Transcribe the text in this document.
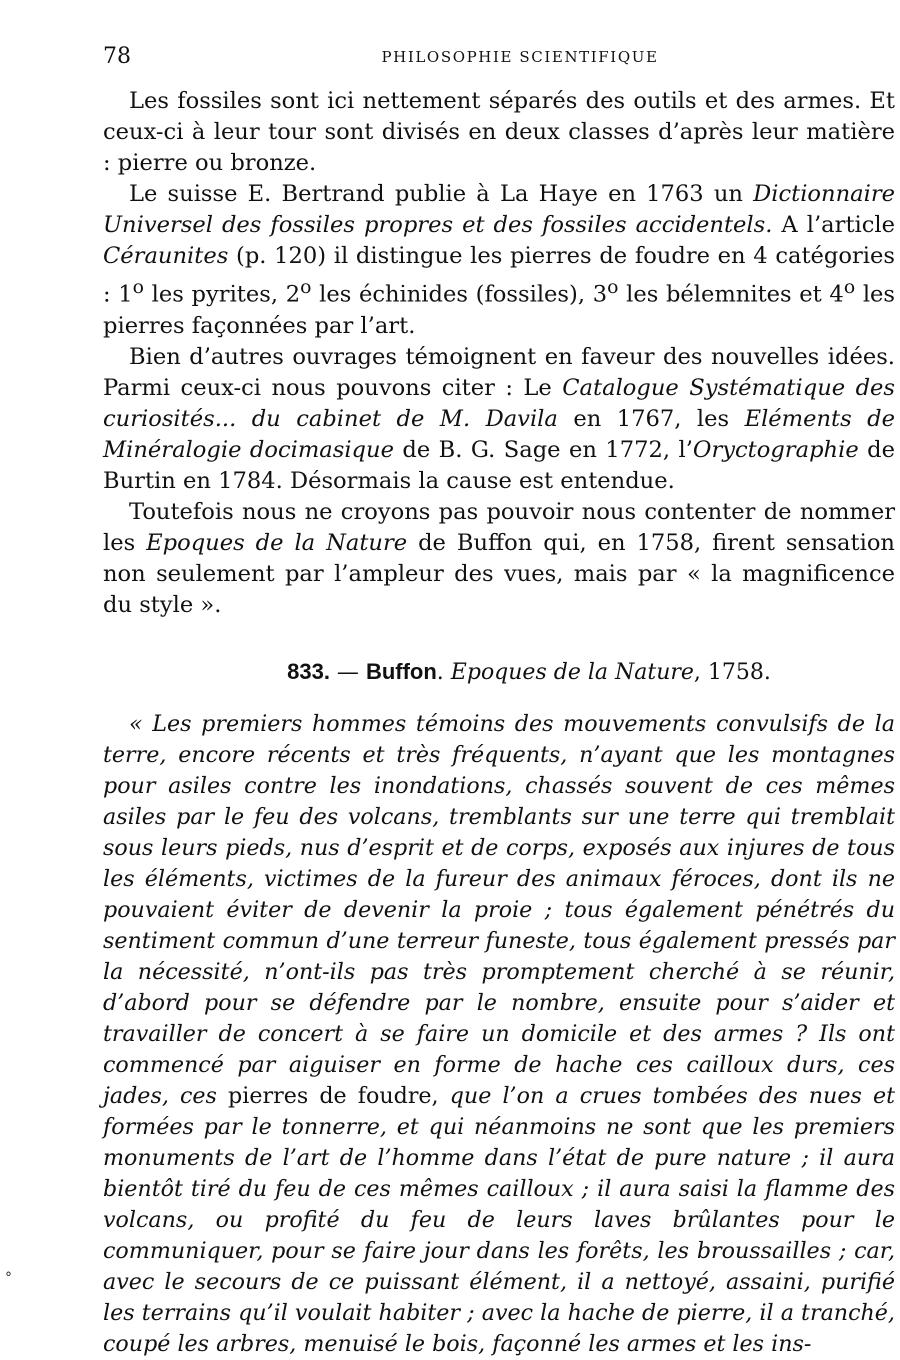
78	PHILOSOPHIE SCIENTIFIQUE

Les fossiles sont ici nettement séparés des outils et des armes. Et ceux-ci à leur tour sont divisés en deux classes d’après leur matière : pierre ou bronze.

Le suisse E. Bertrand publie à La Haye en 1763 un Dictionnaire Universel des fossiles propres et des fossiles accidentels. A l’article Céraunites (p. 120) il distingue les pierres de foudre en 4 catégories : 1$^o$ les pyrites, 2$^o$ les échinides (fossiles), 3$^o$ les bélemnites et 4$^o$ les pierres façonnées par l’art.

Bien d’autres ouvrages témoignent en faveur des nouvelles idées. Parmi ceux-ci nous pouvons citer : Le Catalogue Systématique des curiosités... du cabinet de M. Davila en 1767, les Eléments de Minéralogie docimasique de B. G. Sage en 1772, l’Oryctographie de Burtin en 1784. Désormais la cause est entendue.

Toutefois nous ne croyons pas pouvoir nous contenter de nommer les Epoques de la Nature de Buffon qui, en 1758, firent sensation non seulement par l’ampleur des vues, mais par « la magnificence du style ».

833. — Buffon. Epoques de la Nature, 1758.

« Les premiers hommes témoins des mouvements convulsifs de la terre, encore récents et très fréquents, n’ayant que les montagnes pour asiles contre les inondations, chassés souvent de ces mêmes asiles par le feu des volcans, tremblants sur une terre qui tremblait sous leurs pieds, nus d’esprit et de corps, exposés aux injures de tous les éléments, victimes de la fureur des animaux féroces, dont ils ne pouvaient éviter de devenir la proie ; tous également pénétrés du sentiment commun d’une terreur funeste, tous également pressés par la nécessité, n’ont-ils pas très promptement cherché à se réunir, d’abord pour se défendre par le nombre, ensuite pour s’aider et travailler de concert à se faire un domicile et des armes ? Ils ont commencé par aiguiser en forme de hache ces cailloux durs, ces jades, ces pierres de foudre, que l’on a crues tombées des nues et formées par le tonnerre, et qui néanmoins ne sont que les premiers monuments de l’art de l’homme dans l’état de pure nature ; il aura bientôt tiré du feu de ces mêmes cailloux ; il aura saisi la flamme des volcans, ou profité du feu de leurs laves brûlantes pour le communiquer, pour se faire jour dans les forêts, les broussailles ; car, avec le secours de ce puissant élément, il a nettoyé, assaini, purifié les terrains qu’il voulait habiter ; avec la hache de pierre, il a tranché, coupé les arbres, menuisé le bois, façonné les armes et les ins-

°
